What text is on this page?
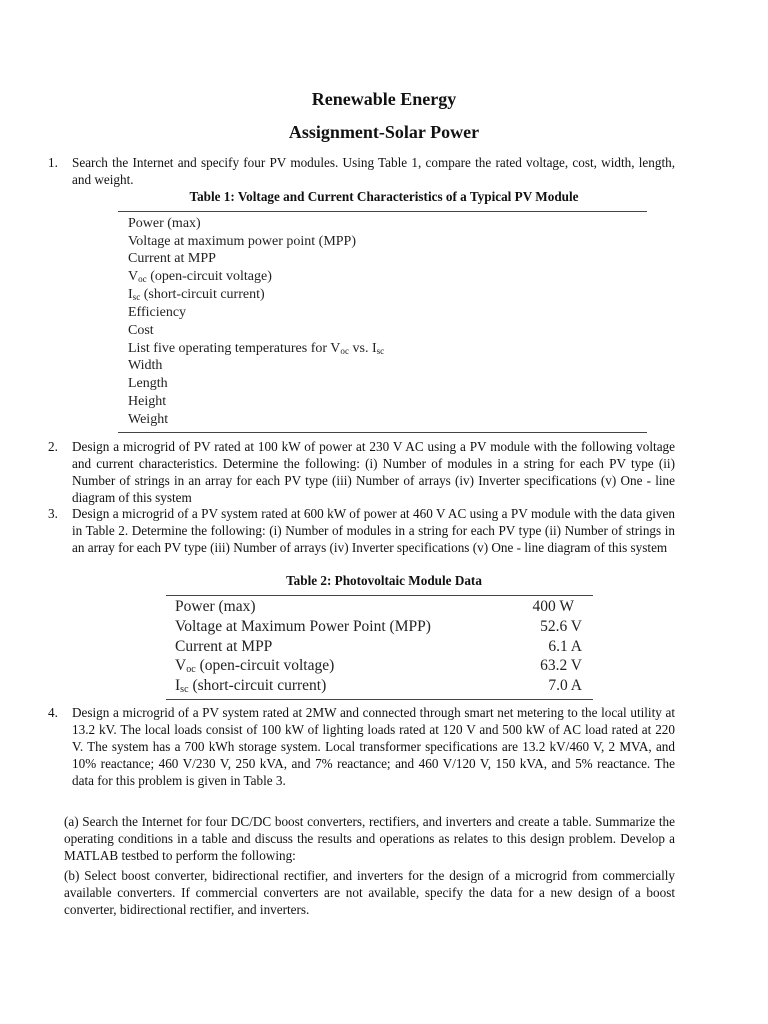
Renewable Energy
Assignment-Solar Power
1. Search the Internet and specify four PV modules. Using Table 1, compare the rated voltage, cost, width, length, and weight.
Table 1: Voltage and Current Characteristics of a Typical PV Module
Power (max)
Voltage at maximum power point (MPP)
Current at MPP
$V_{oc}$ (open-circuit voltage)
$I_{sc}$ (short-circuit current)
Efficiency
Cost
List five operating temperatures for $V_{oc}$ vs. $I_{sc}$
Width
Length
Height
Weight
2. Design a microgrid of PV rated at 100 kW of power at 230 V AC using a PV module with the following voltage and current characteristics. Determine the following: (i) Number of modules in a string for each PV type (ii) Number of strings in an array for each PV type (iii) Number of arrays (iv) Inverter specifications (v) One - line diagram of this system
3. Design a microgrid of a PV system rated at 600 kW of power at 460 V AC using a PV module with the data given in Table 2. Determine the following: (i) Number of modules in a string for each PV type (ii) Number of strings in an array for each PV type (iii) Number of arrays (iv) Inverter specifications (v) One - line diagram of this system
Table 2: Photovoltaic Module Data
Power (max)	400 W
Voltage at Maximum Power Point (MPP)	52.6 V
Current at MPP	6.1 A
$V_{oc}$ (open-circuit voltage)	63.2 V
$I_{sc}$ (short-circuit current)	7.0 A
4. Design a microgrid of a PV system rated at 2MW and connected through smart net metering to the local utility at 13.2 kV. The local loads consist of 100 kW of lighting loads rated at 120 V and 500 kW of AC load rated at 220 V. The system has a 700 kWh storage system. Local transformer specifications are 13.2 kV/460 V, 2 MVA, and 10% reactance; 460 V/230 V, 250 kVA, and 7% reactance; and 460 V/120 V, 150 kVA, and 5% reactance. The data for this problem is given in Table 3.
(a) Search the Internet for four DC/DC boost converters, rectifiers, and inverters and create a table. Summarize the operating conditions in a table and discuss the results and operations as relates to this design problem. Develop a MATLAB testbed to perform the following:
(b) Select boost converter, bidirectional rectifier, and inverters for the design of a microgrid from commercially available converters. If commercial converters are not available, specify the data for a new design of a boost converter, bidirectional rectifier, and inverters.
